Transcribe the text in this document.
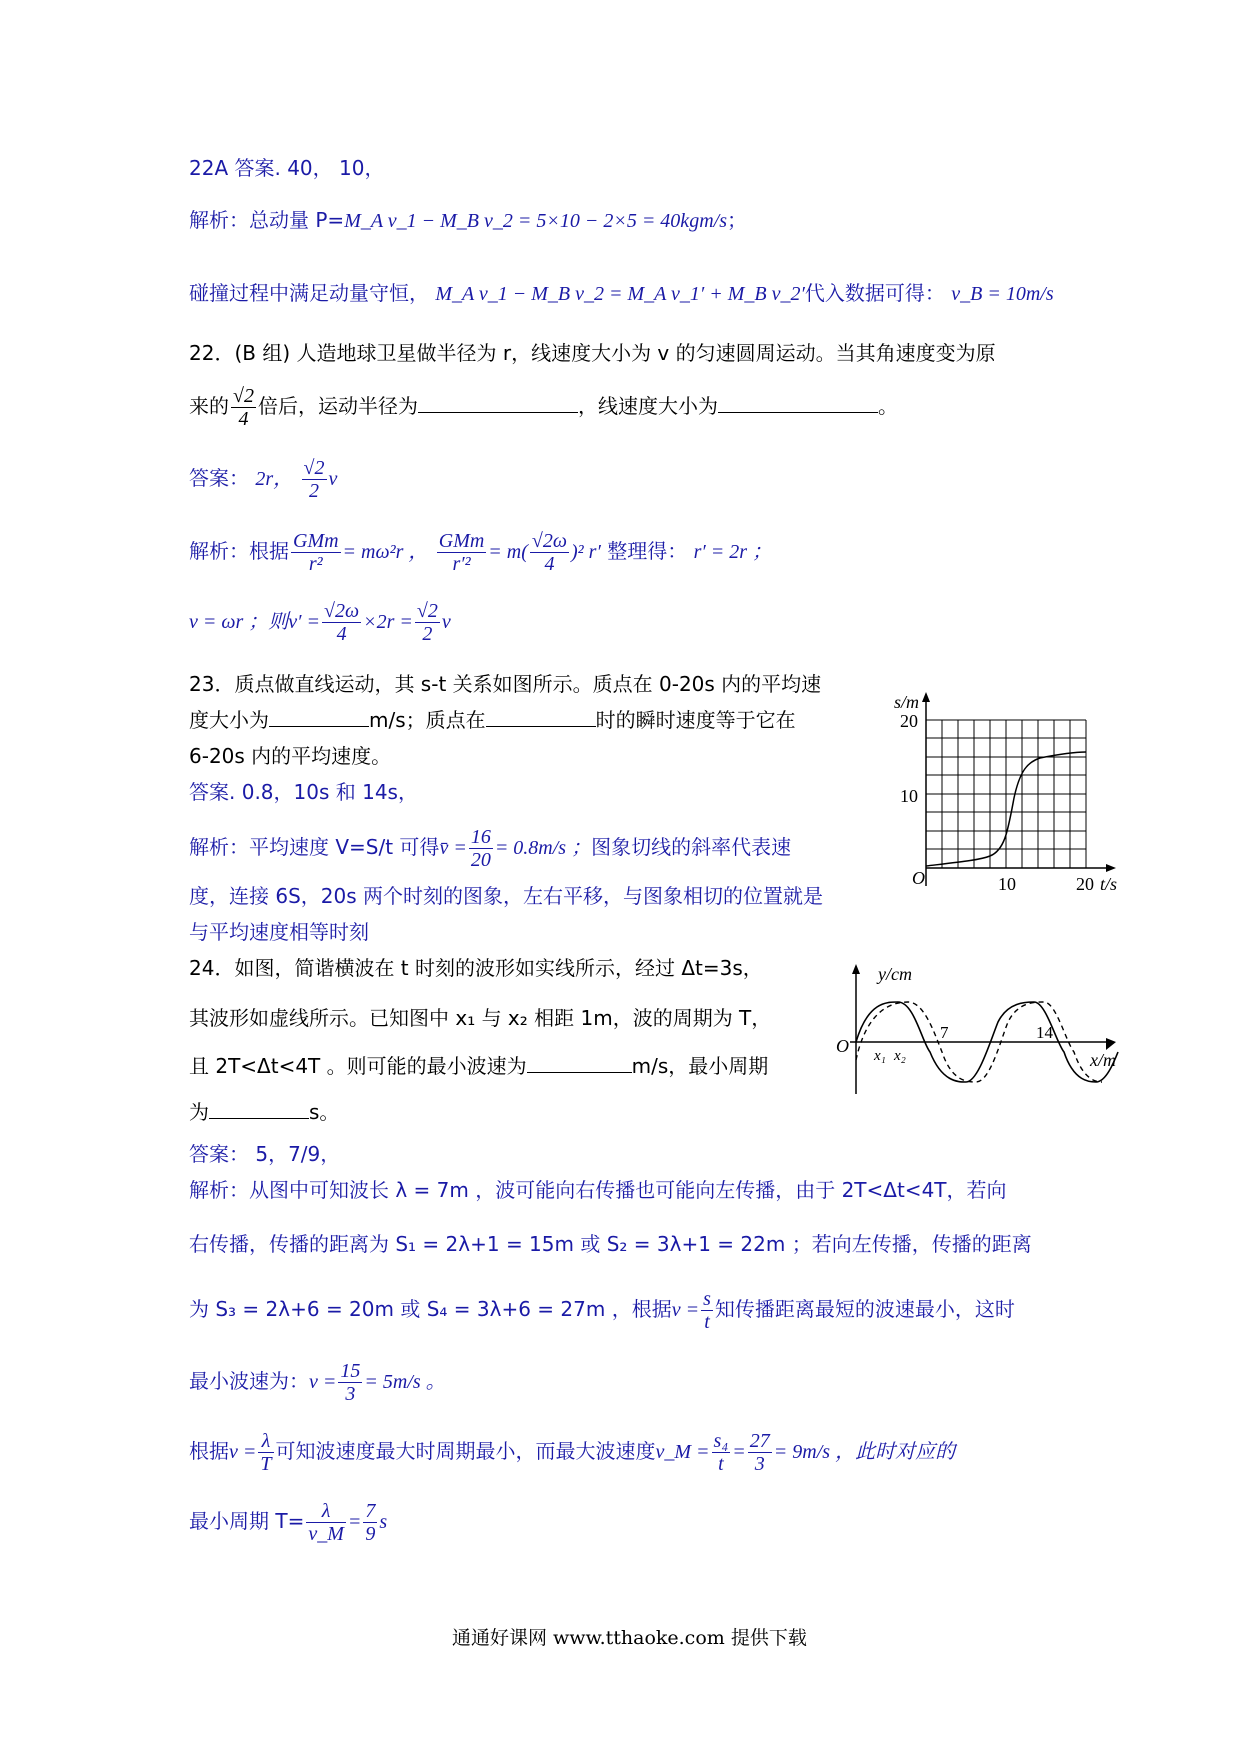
22A 答案. 40， 10，
解析：总动量 P=M_A v_1 − M_B v_2 = 5×10 − 2×5 = 40kgm/s；
碰撞过程中满足动量守恒， M_A v_1 − M_B v_2 = M_A v_1′ + M_B v_2′代入数据可得： v_B = 10m/s
22．(B 组) 人造地球卫星做半径为 r，线速度大小为 v 的匀速圆周运动。当其角速度变为原
来的 $\frac{√2}{4}$ 倍后，运动半径为	，线速度大小为	。
答案： 2r， $\frac{√2}{2}$ v
解析：根据 $\frac{\text{GMm}}{\text{r²}} = m\omega^2r$ ， $\frac{\text{GMm}}{\text{r′²}} = m( \frac{√2\omega}{4} )^2$ r′ 整理得： r′ = 2r ；
v = ωr ；则$v' = \frac{√2\omega}{4} \times 2r = \frac{√2}{2}$ v
23．质点做直线运动，其 s-t 关系如图所示。质点在 0-20s 内的平均速
度大小为	m/s；质点在	时的瞬时速度等于它在
6-20s 内的平均速度。
答案. 0.8，10s 和 14s，
解析：平均速度 V=S/t 可得v̄ = $\frac{16}{20} = 0.8m/s$ ；图象切线的斜率代表速
度，连接 6S，20s 两个时刻的图象，左右平移，与图象相切的位置就是
与平均速度相等时刻
s/m
20
10
O	10	20 t/s
24．如图，简谐横波在 t 时刻的波形如实线所示，经过 Δt=3s，
其波形如虚线所示。已知图中 x₁ 与 x₂ 相距 1m，波的周期为 T，
且 2T<Δt<4T 。则可能的最小波速为	m/s，最小周期
为	s。
答案： 5，7/9，
解析：从图中可知波长 λ = 7m ，波可能向右传播也可能向左传播，由于 2T<Δt<4T，若向
右传播，传播的距离为 S₁ = 2λ+1 = 15m 或 S₂ = 3λ+1 = 22m ；若向左传播，传播的距离
为 S₃ = 2λ+6 = 20m 或 S₄ = 3λ+6 = 27m ，根据$v = \frac{s}{t}$ 知传播距离最短的波速最小，这时
最小波速为：$v = \frac{15}{3} = 5m/s$ 。
根据$v = \frac{\lambda}{T}$ 可知波速度最大时周期最小，而最大波速度v_M = $\frac{\text{s₄}}{t} = \frac{27}{3} = 9m/s$ ，此时对应的
最小周期 $T= \frac{\lambda}{v\_M} = \frac{7}{9}$ s
y/cm
O x₁ x₂
7	14
x/m
通通好课网 www.tthaoke.com 提供下载
